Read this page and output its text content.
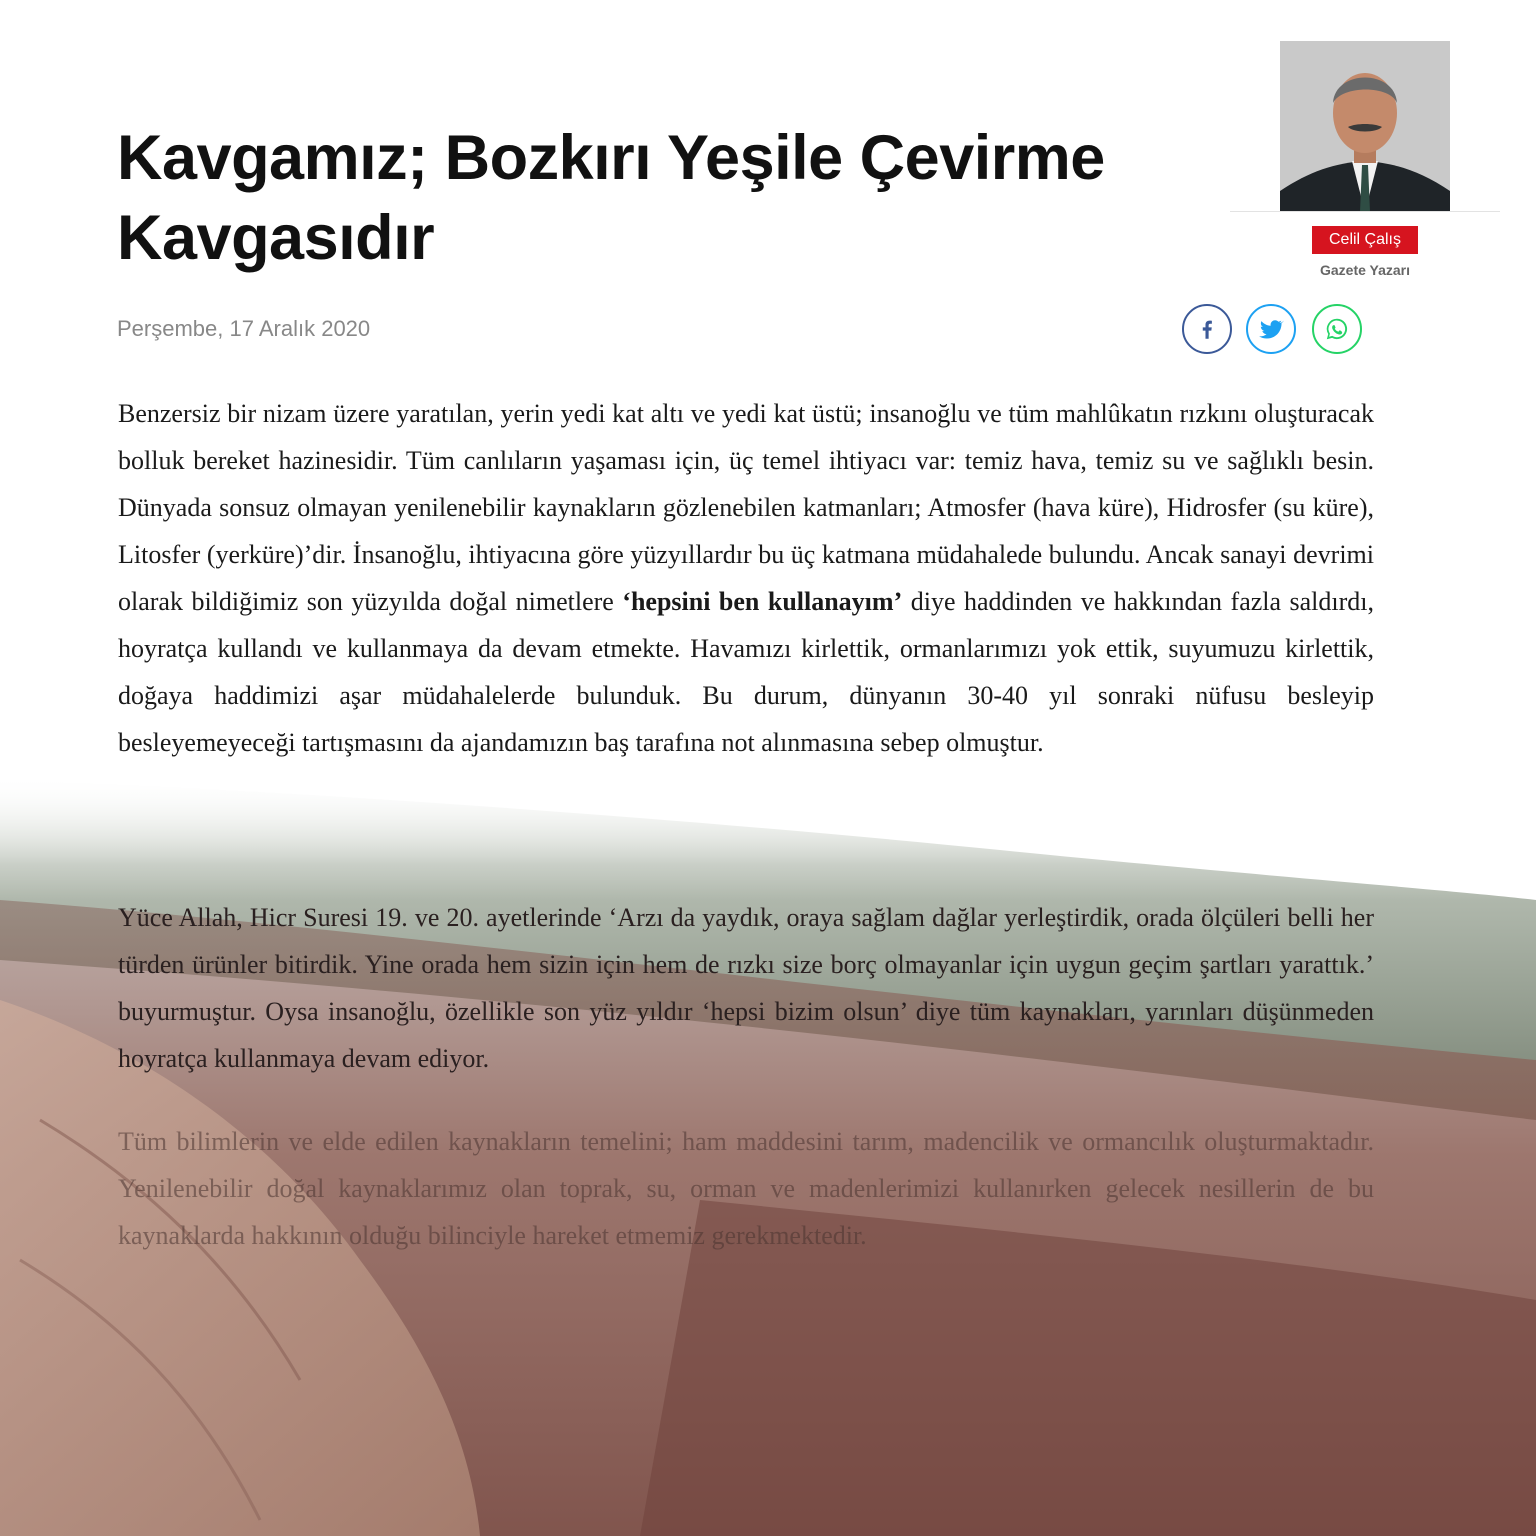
Kavgamız; Bozkırı Yeşile Çevirme Kavgasıdır	Celil Çalış
Gazete Yazarı
Perşembe, 17 Aralık 2020

Benzersiz bir nizam üzere yaratılan, yerin yedi kat altı ve yedi kat üstü; insanoğlu ve tüm mahlûkatın rızkını oluşturacak bolluk bereket hazinesidir. Tüm canlıların yaşaması için, üç temel ihtiyacı var: temiz hava, temiz su ve sağlıklı besin. Dünyada sonsuz olmayan yenilenebilir kaynakların gözlenebilen katmanları; Atmosfer (hava küre), Hidrosfer (su küre), Litosfer (yerküre)’dir. İnsanoğlu, ihtiyacına göre yüzyıllardır bu üç katmana müdahalede bulundu. Ancak sanayi devrimi olarak bildiğimiz son yüzyılda doğal nimetlere ‘hepsini ben kullanayım’ diye haddinden ve hakkından fazla saldırdı, hoyratça kullandı ve kullanmaya da devam etmekte. Havamızı kirlettik, ormanlarımızı yok ettik, suyumuzu kirlettik, doğaya haddimizi aşar müdahalelerde bulunduk. Bu durum, dünyanın 30-40 yıl sonraki nüfusu besleyip besleyemeyeceği tartışmasını da ajandamızın baş tarafına not alınmasına sebep olmuştur.

Yüce Allah, Hicr Suresi 19. ve 20. ayetlerinde ‘Arzı da yaydık, oraya sağlam dağlar yerleştirdik, orada ölçüleri belli her türden ürünler bitirdik. Yine orada hem sizin için hem de rızkı size borç olmayanlar için uygun geçim şartları yarattık.’ buyurmuştur. Oysa insanoğlu, özellikle son yüz yıldır ‘hepsi bizim olsun’ diye tüm kaynakları, yarınları düşünmeden hoyratça kullanmaya devam ediyor.

Tüm bilimlerin ve elde edilen kaynakların temelini; ham maddesini tarım, madencilik ve ormancılık oluşturmaktadır. Yenilenebilir doğal kaynaklarımız olan toprak, su, orman ve madenlerimizi kullanırken gelecek nesillerin de bu kaynaklarda hakkının olduğu bilinciyle hareket etmemiz gerekmektedir.
